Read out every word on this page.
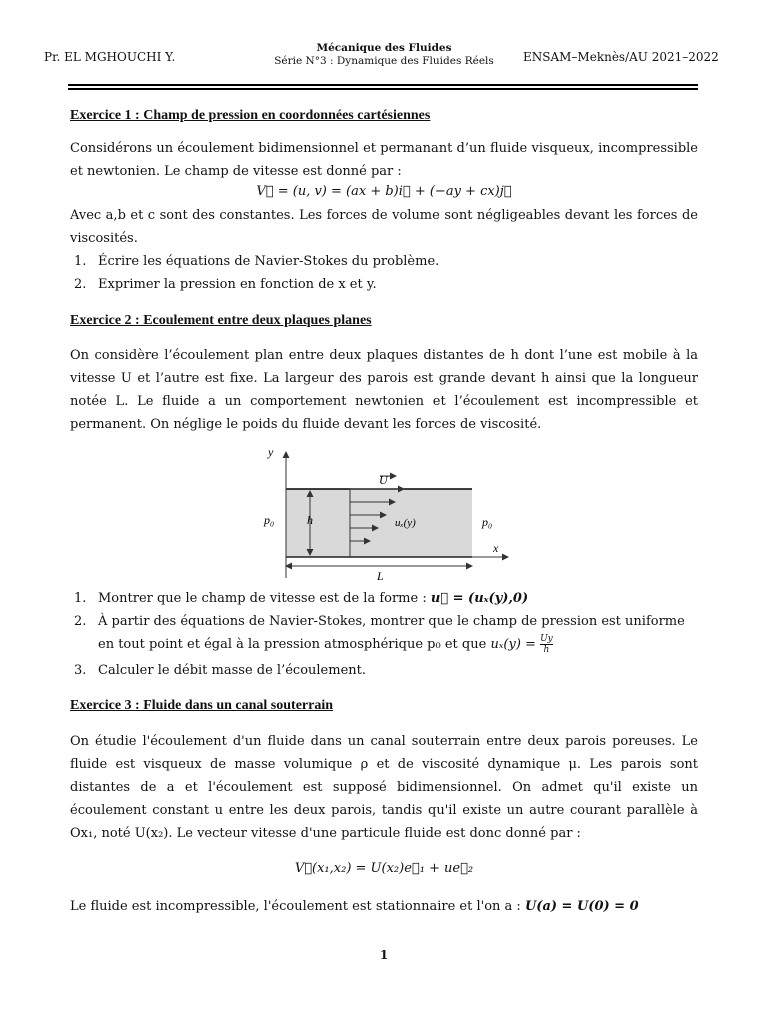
Pr. EL MGHOUCHI Y.
Mécanique des Fluides
Série N°3 : Dynamique des Fluides Réels	ENSAM–Meknès/AU 2021–2022
Exercice 1 : Champ de pression en coordonnées cartésiennes
Considérons un écoulement bidimensionnel et permanant d’un fluide visqueux, incompressible et newtonien. Le champ de vitesse est donné par :
V⃗ = (u, v) = (ax + b)i⃗ + (−ay + cx)j⃗
Avec a,b et c sont des constantes. Les forces de volume sont négligeables devant les forces de viscosités.
1. Écrire les équations de Navier-Stokes du problème.
2. Exprimer la pression en fonction de x et y.
Exercice 2 : Ecoulement entre deux plaques planes
On considère l’écoulement plan entre deux plaques distantes de h dont l’une est mobile à la vitesse U et l’autre est fixe. La largeur des parois est grande devant h ainsi que la longueur notée L. Le fluide a un comportement newtonien et l’écoulement est incompressible et permanent. On néglige le poids du fluide devant les forces de viscosité.
y
U
p₀	h	uₓ(y)	p₀
x
L
1. Montrer que le champ de vitesse est de la forme : u⃗ = (uₓ(y),0)
2. À partir des équations de Navier-Stokes, montrer que le champ de pression est uniforme en tout point et égal à la pression atmosphérique p₀ et que $u_x(y) = \frac{Uy}{h}$
3. Calculer le débit masse de l’écoulement.
Exercice 3 : Fluide dans un canal souterrain
On étudie l'écoulement d'un fluide dans un canal souterrain entre deux parois poreuses. Le fluide est visqueux de masse volumique ρ et de viscosité dynamique μ. Les parois sont distantes de a et l'écoulement est supposé bidimensionnel. On admet qu'il existe un écoulement constant u entre les deux parois, tandis qu'il existe un autre courant parallèle à Ox₁, noté U(x₂). Le vecteur vitesse d'une particule fluide est donc donné par :
V⃗(x₁,x₂) = U(x₂)e⃗₁ + ue⃗₂
Le fluide est incompressible, l'écoulement est stationnaire et l'on a : U(a) = U(0) = 0
1
